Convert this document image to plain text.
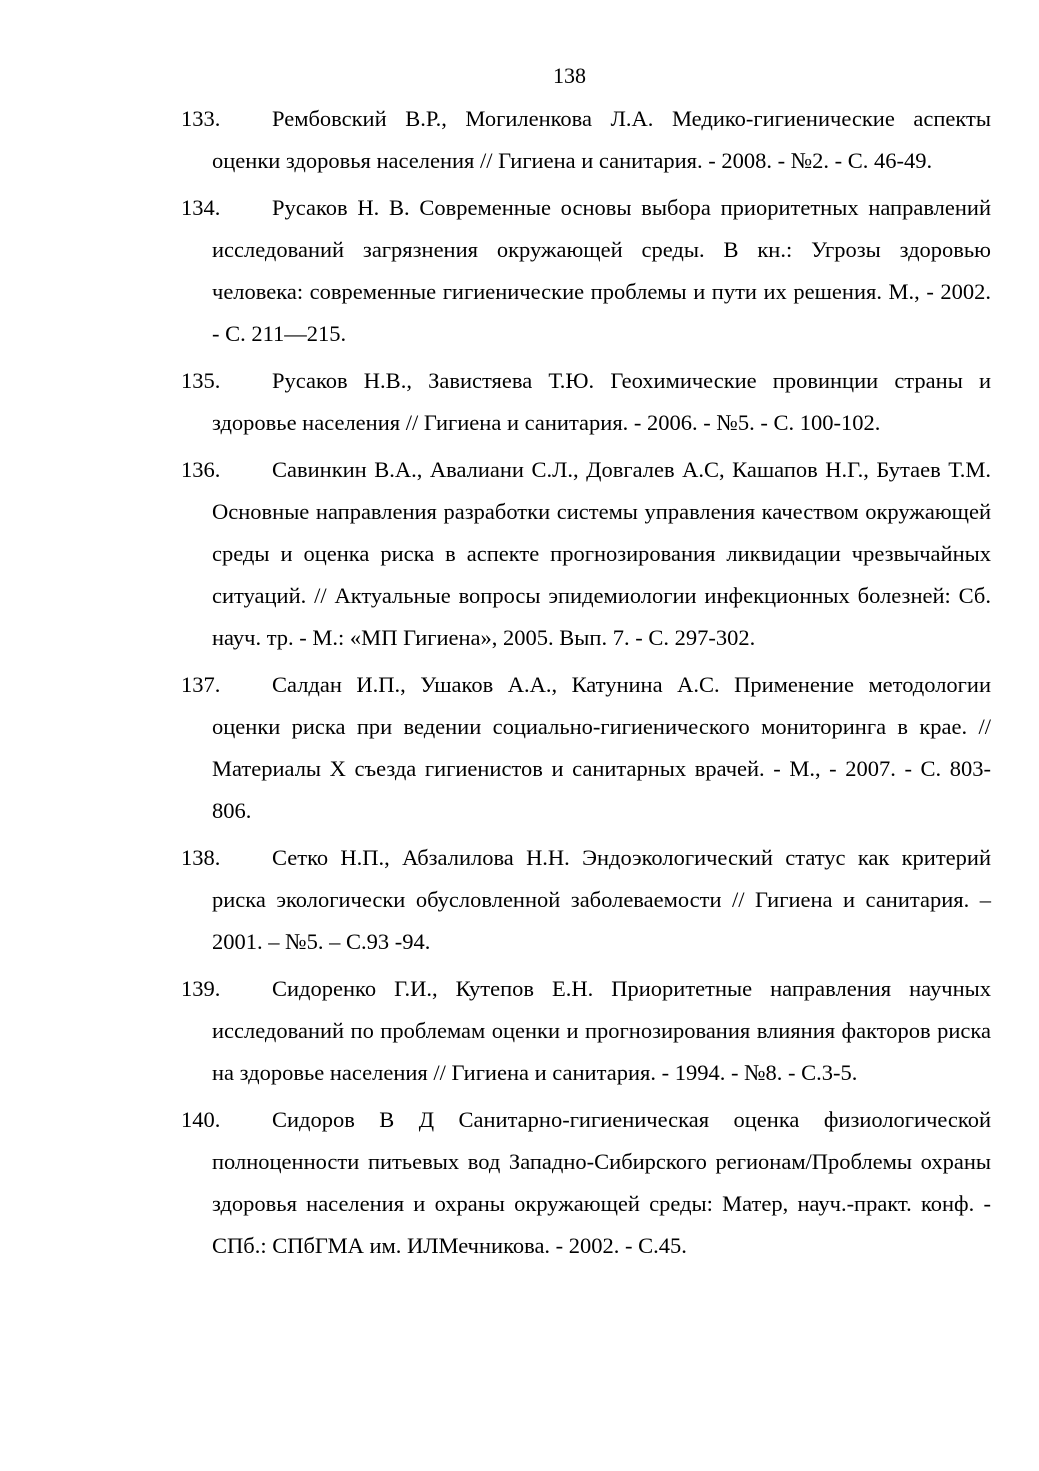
138
133.	Рембовский В.Р., Могиленкова Л.А. Медико-гигиенические аспекты оценки здоровья населения // Гигиена и санитария. - 2008. - №2. - С. 46-49.
134.	Русаков Н. В. Современные основы выбора приоритетных направлений исследований загрязнения окружающей среды. В кн.: Угрозы здоровью человека: современные гигиенические проблемы и пути их решения. М., - 2002. - С. 211—215.
135.	Русаков Н.В., Завистяева Т.Ю. Геохимические провинции страны и здоровье населения // Гигиена и санитария. - 2006. - №5. - С. 100-102.
136.	Савинкин В.А., Авалиани С.Л., Довгалев А.С, Кашапов Н.Г., Бутаев Т.М. Основные направления разработки системы управления качеством окружающей среды и оценка риска в аспекте прогнозирования ликвидации чрезвычайных ситуаций. // Актуальные вопросы эпидемиологии инфекционных болезней: Сб. науч. тр. - М.: «МП Гигиена», 2005. Вып. 7. - С. 297-302.
137.	Салдан И.П., Ушаков А.А., Катунина А.С. Применение методологии оценки риска при ведении социально-гигиенического мониторинга в крае. // Материалы X съезда гигиенистов и санитарных врачей. - М., - 2007. - С. 803-806.
138.	Сетко Н.П., Абзалилова Н.Н. Эндоэкологический статус как критерий риска экологически обусловленной заболеваемости // Гигиена и санитария. – 2001. – №5. – С.93 -94.
139.	Сидоренко Г.И., Кутепов Е.Н. Приоритетные направления научных исследований по проблемам оценки и прогнозирования влияния факторов риска на здоровье населения // Гигиена и санитария. - 1994. - №8. - С.3-5.
140.	Сидоров В Д Санитарно-гигиеническая оценка физиологической полноценности питьевых вод Западно-Сибирского регионам/Проблемы охраны здоровья населения и охраны окружающей среды: Матер, науч.-практ. конф. - СПб.: СПбГМА им. ИЛМечникова. - 2002. - С.45.
